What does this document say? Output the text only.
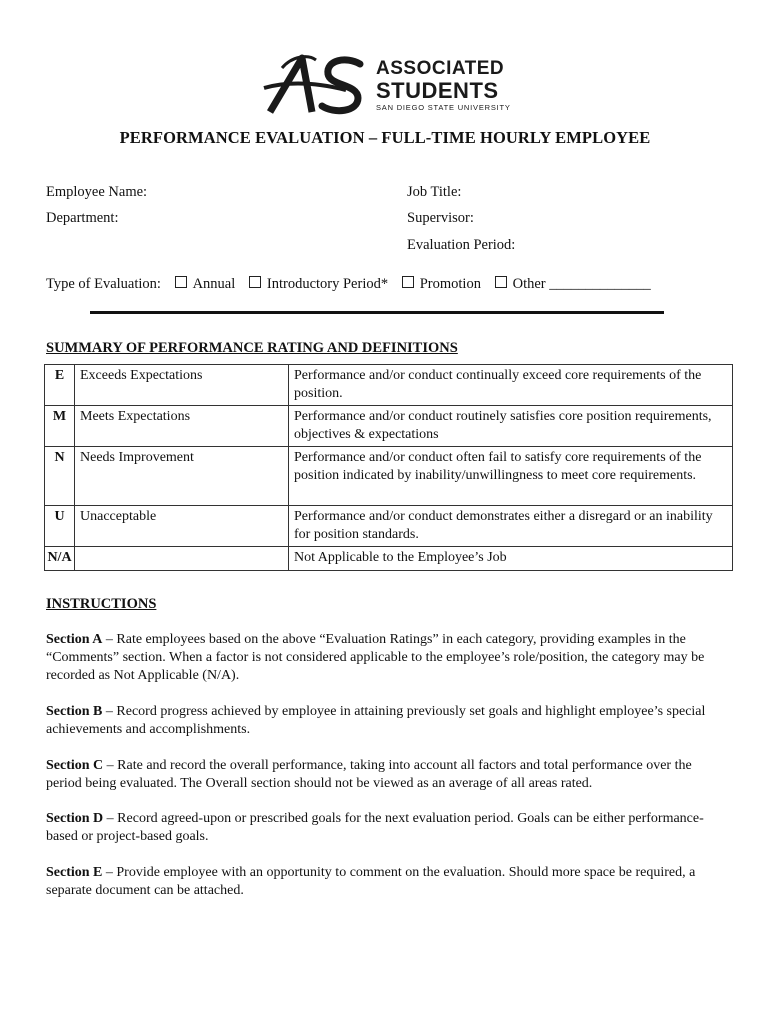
ASSOCIATED
STUDENTS
SAN DIEGO STATE UNIVERSITY
PERFORMANCE EVALUATION – FULL-TIME HOURLY EMPLOYEE
Employee Name:
Department:
Job Title:
Supervisor:
Evaluation Period:
Type of Evaluation: Annual Introductory Period* Promotion Other ______________
SUMMARY OF PERFORMANCE RATING AND DEFINITIONS
E	Exceeds Expectations	Performance and/or conduct continually exceed core requirements of the position.
M	Meets Expectations	Performance and/or conduct routinely satisfies core position requirements, objectives & expectations
N	Needs Improvement	Performance and/or conduct often fail to satisfy core requirements of the position indicated by inability/unwillingness to meet core requirements.
U	Unacceptable	Performance and/or conduct demonstrates either a disregard or an inability for position standards.
N/A		Not Applicable to the Employee’s Job
INSTRUCTIONS
Section A – Rate employees based on the above “Evaluation Ratings” in each category, providing examples in the “Comments” section. When a factor is not considered applicable to the employee’s role/position, the category may be recorded as Not Applicable (N/A).
Section B – Record progress achieved by employee in attaining previously set goals and highlight employee’s special achievements and accomplishments.
Section C – Rate and record the overall performance, taking into account all factors and total performance over the period being evaluated. The Overall section should not be viewed as an average of all areas rated.
Section D – Record agreed-upon or prescribed goals for the next evaluation period. Goals can be either performance-based or project-based goals.
Section E – Provide employee with an opportunity to comment on the evaluation. Should more space be required, a separate document can be attached.
